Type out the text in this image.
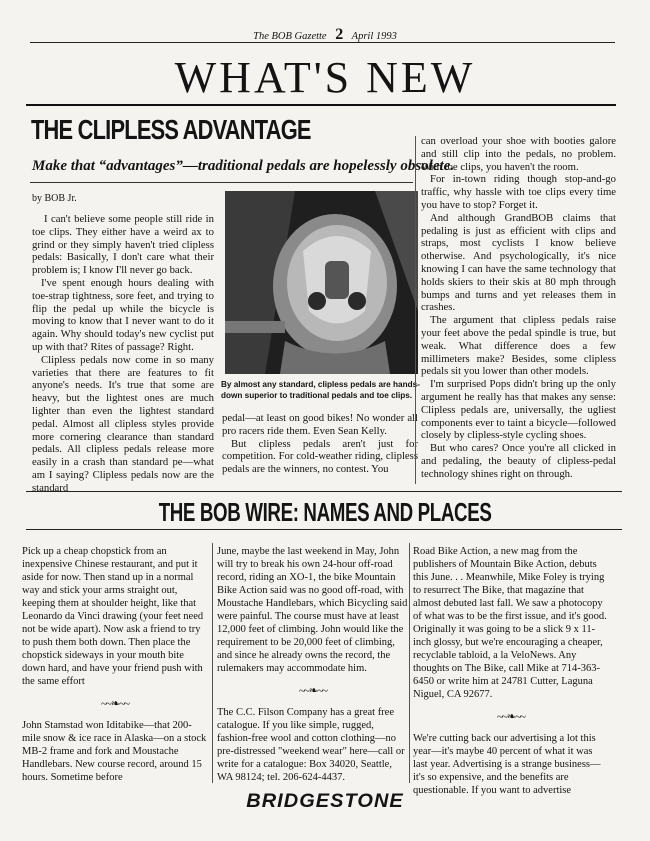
The BOB Gazette 2 April 1993
WHAT'S NEW
THE CLIPLESS ADVANTAGE
Make that “advantages”—traditional pedals are hopelessly obsolete.
by BOB Jr.

I can't believe some people still ride in toe clips. They either have a weird ax to grind or they simply haven't tried clipless pedals: Basically, I don't care what their problem is; I know I'll never go back.

I've spent enough hours dealing with toe-strap tightness, sore feet, and trying to flip the pedal up while the bicycle is moving to know that I never want to do it again. Why should today's new cyclist put up with that? Rites of passage? Right.

Clipless pedals now come in so many varieties that there are features to fit anyone's needs. It's true that some are heavy, but the lightest ones are much lighter than even the lightest standard pedal. Almost all clipless styles provide more cornering clearance than standard pedals. All clipless pedals release more easily in a crash than standard pe—what am I saying? Clipless pedals now are the standard

By almost any standard, clipless pedals are hands-down superior to traditional pedals and toe clips.

pedal—at least on good bikes! No wonder all pro racers ride them. Even Sean Kelly.

But clipless pedals aren't just for competition. For cold-weather riding, clipless pedals are the winners, no contest. You

can overload your shoe with booties galore and still clip into the pedals, no problem. With toe clips, you haven't the room.

For in-town riding though stop-and-go traffic, why hassle with toe clips every time you have to stop? Forget it.

And although GrandBOB claims that pedaling is just as efficient with clips and straps, most cyclists I know believe otherwise. And psychologically, it's nice knowing I can have the same technology that holds skiers to their skis at 80 mph through bumps and turns and yet releases them in crashes.

The argument that clipless pedals raise your feet above the pedal spindle is true, but weak. What difference does a few millimeters make? Besides, some clipless pedals sit you lower than other models.

I'm surprised Pops didn't bring up the only argument he really has that makes any sense: Clipless pedals are, universally, the ugliest components ever to taint a bicycle—followed closely by clipless-style cycling shoes.

But who cares? Once you're all clicked in and pedaling, the beauty of clipless-pedal technology shines right on through.

THE BOB WIRE: NAMES AND PLACES

Pick up a cheap chopstick from an inexpensive Chinese restaurant, and put it aside for now. Then stand up in a normal way and stick your arms straight out, keeping them at shoulder height, like that Leonardo da Vinci drawing (your feet need not be wide apart). Now ask a friend to try to push them both down. Then place the chopstick sideways in your mouth bite down hard, and have your friend push with the same effort

~~❧~~

John Stamstad won Iditabike—that 200-mile snow & ice race in Alaska—on a stock MB-2 frame and fork and Moustache Handlebars. New course record, around 15 hours. Sometime before

June, maybe the last weekend in May, John will try to break his own 24-hour off-road record, riding an XO-1, the bike Mountain Bike Action said was no good off-road, with Moustache Handlebars, which Bicycling said were painful. The course must have at least 12,000 feet of climbing. John would like the requirement to be 20,000 feet of climbing, and since he already owns the record, the rulemakers may accommodate him.

~~❧~~

The C.C. Filson Company has a great free catalogue. If you like simple, rugged, fashion-free wool and cotton clothing—no pre-distressed "weekend wear" here—call or write for a catalogue: Box 34020, Seattle, WA 98124; tel. 206-624-4437.

Road Bike Action, a new mag from the publishers of Mountain Bike Action, debuts this June. . . Meanwhile, Mike Foley is trying to resurrect The Bike, that magazine that almost debuted last fall. We saw a photocopy of what was to be the first issue, and it's good. Originally it was going to be a slick 9 x 11-inch glossy, but we're encouraging a cheaper, recyclable tabloid, a la VeloNews. Any thoughts on The Bike, call Mike at 714-363-6450 or write him at 24781 Cutter, Laguna Niguel, CA 92677.

~~❧~~

We're cutting back our advertising a lot this year—it's maybe 40 percent of what it was last year. Advertising is a strange business—it's so expensive, and the benefits are questionable. If you want to advertise

BRIDGESTONE
